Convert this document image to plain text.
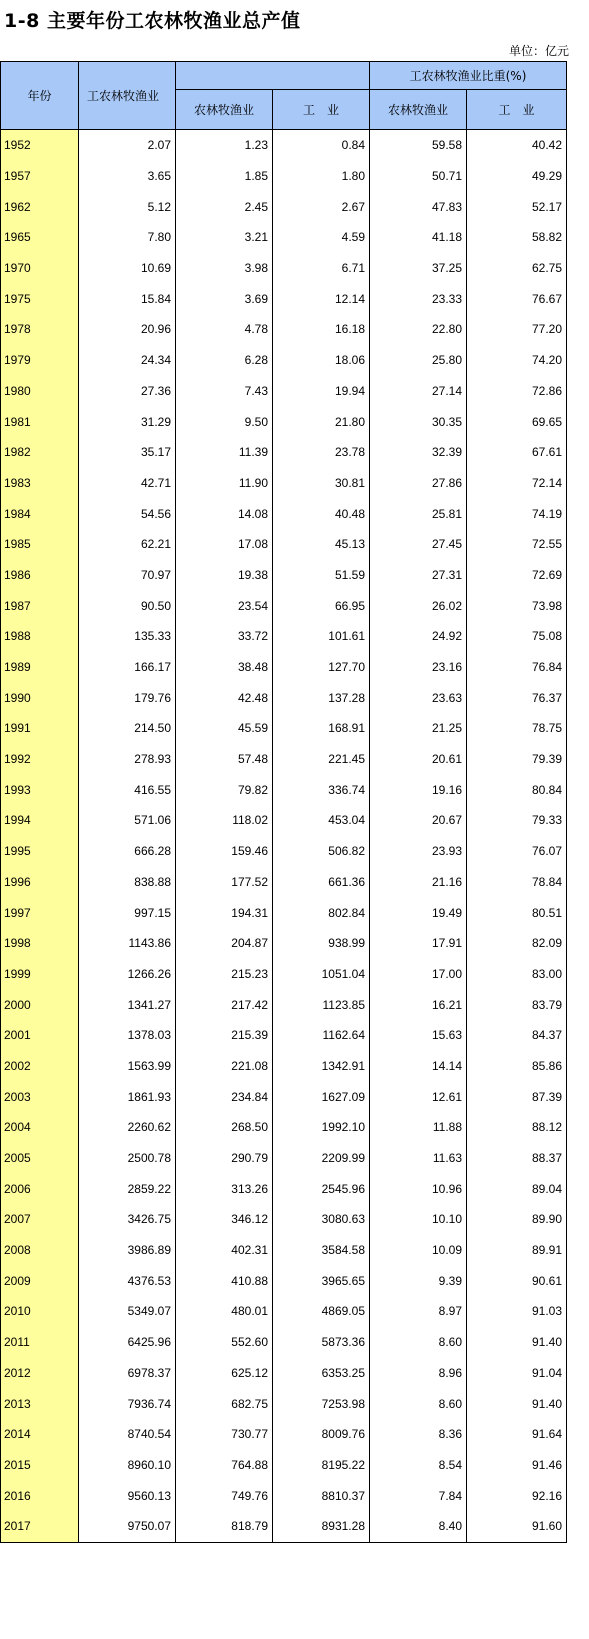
1-8 主要年份工农林牧渔业总产值
单位：亿元
年份	工农林牧渔业			工农林牧渔业比重(%)	
		农林牧渔业	工　业	农林牧渔业	工　业
1952	2.07	1.23	0.84	59.58	40.42
1957	3.65	1.85	1.80	50.71	49.29
1962	5.12	2.45	2.67	47.83	52.17
1965	7.80	3.21	4.59	41.18	58.82
1970	10.69	3.98	6.71	37.25	62.75
1975	15.84	3.69	12.14	23.33	76.67
1978	20.96	4.78	16.18	22.80	77.20
1979	24.34	6.28	18.06	25.80	74.20
1980	27.36	7.43	19.94	27.14	72.86
1981	31.29	9.50	21.80	30.35	69.65
1982	35.17	11.39	23.78	32.39	67.61
1983	42.71	11.90	30.81	27.86	72.14
1984	54.56	14.08	40.48	25.81	74.19
1985	62.21	17.08	45.13	27.45	72.55
1986	70.97	19.38	51.59	27.31	72.69
1987	90.50	23.54	66.95	26.02	73.98
1988	135.33	33.72	101.61	24.92	75.08
1989	166.17	38.48	127.70	23.16	76.84
1990	179.76	42.48	137.28	23.63	76.37
1991	214.50	45.59	168.91	21.25	78.75
1992	278.93	57.48	221.45	20.61	79.39
1993	416.55	79.82	336.74	19.16	80.84
1994	571.06	118.02	453.04	20.67	79.33
1995	666.28	159.46	506.82	23.93	76.07
1996	838.88	177.52	661.36	21.16	78.84
1997	997.15	194.31	802.84	19.49	80.51
1998	1143.86	204.87	938.99	17.91	82.09
1999	1266.26	215.23	1051.04	17.00	83.00
2000	1341.27	217.42	1123.85	16.21	83.79
2001	1378.03	215.39	1162.64	15.63	84.37
2002	1563.99	221.08	1342.91	14.14	85.86
2003	1861.93	234.84	1627.09	12.61	87.39
2004	2260.62	268.50	1992.10	11.88	88.12
2005	2500.78	290.79	2209.99	11.63	88.37
2006	2859.22	313.26	2545.96	10.96	89.04
2007	3426.75	346.12	3080.63	10.10	89.90
2008	3986.89	402.31	3584.58	10.09	89.91
2009	4376.53	410.88	3965.65	9.39	90.61
2010	5349.07	480.01	4869.05	8.97	91.03
2011	6425.96	552.60	5873.36	8.60	91.40
2012	6978.37	625.12	6353.25	8.96	91.04
2013	7936.74	682.75	7253.98	8.60	91.40
2014	8740.54	730.77	8009.76	8.36	91.64
2015	8960.10	764.88	8195.22	8.54	91.46
2016	9560.13	749.76	8810.37	7.84	92.16
2017	9750.07	818.79	8931.28	8.40	91.60
